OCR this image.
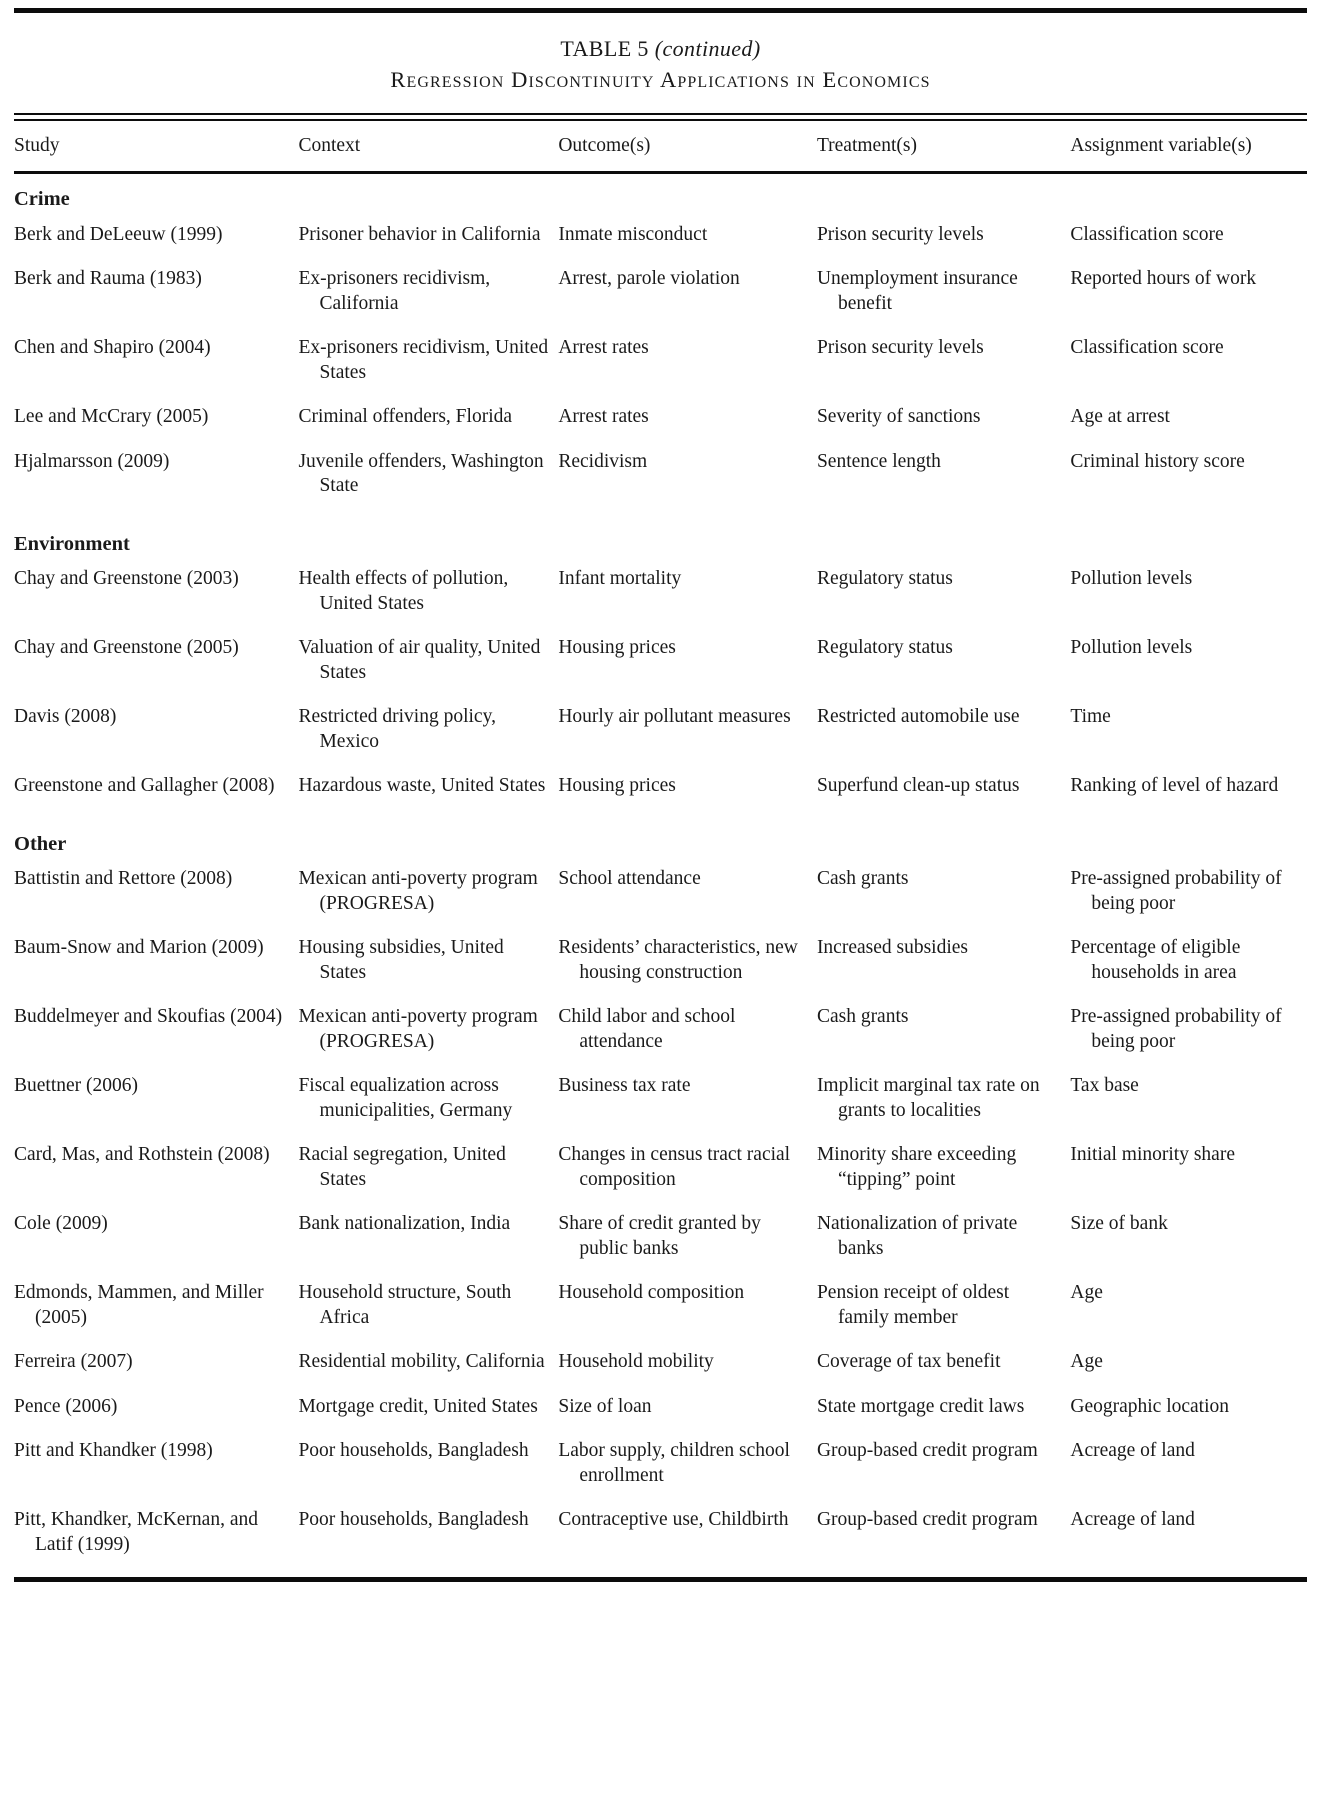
TABLE 5 (continued)
Regression Discontinuity Applications in Economics
Study	Context	Outcome(s)	Treatment(s)	Assignment variable(s)
Crime				

Berk and DeLeeuw (1999)	Prisoner behavior in California	Inmate misconduct	Prison security levels	Classification score

Berk and Rauma (1983)	Ex-prisoners recidivism, California	Arrest, parole violation	Unemployment insurance benefit	Reported hours of work

Chen and Shapiro (2004)	Ex-prisoners recidivism, United States	Arrest rates	Prison security levels	Classification score

Lee and McCrary (2005)	Criminal offenders, Florida	Arrest rates	Severity of sanctions	Age at arrest

Hjalmarsson (2009)	Juvenile offenders, Washington State	Recidivism	Sentence length	Criminal history score

Environment				

Chay and Greenstone (2003)	Health effects of pollution, United States	Infant mortality	Regulatory status	Pollution levels

Chay and Greenstone (2005)	Valuation of air quality, United States	Housing prices	Regulatory status	Pollution levels

Davis (2008)	Restricted driving policy, Mexico	Hourly air pollutant measures	Restricted automobile use	Time

Greenstone and Gallagher (2008)	Hazardous waste, United States	Housing prices	Superfund clean-up status	Ranking of level of hazard

Other				

Battistin and Rettore (2008)	Mexican anti-poverty program (PROGRESA)	School attendance	Cash grants	Pre-assigned probability of being poor

Baum-Snow and Marion (2009)	Housing subsidies, United States	Residents’ characteristics, new housing construction	Increased subsidies	Percentage of eligible households in area

Buddelmeyer and Skoufias (2004)	Mexican anti-poverty program (PROGRESA)	Child labor and school attendance	Cash grants	Pre-assigned probability of being poor

Buettner (2006)	Fiscal equalization across municipalities, Germany	Business tax rate	Implicit marginal tax rate on grants to localities	Tax base

Card, Mas, and Rothstein (2008)	Racial segregation, United States	Changes in census tract racial composition	Minority share exceeding “tipping” point	Initial minority share

Cole (2009)	Bank nationalization, India	Share of credit granted by public banks	Nationalization of private banks	Size of bank

Edmonds, Mammen, and Miller (2005)	Household structure, South Africa	Household composition	Pension receipt of oldest family member	Age

Ferreira (2007)	Residential mobility, California	Household mobility	Coverage of tax benefit	Age

Pence (2006)	Mortgage credit, United States	Size of loan	State mortgage credit laws	Geographic location

Pitt and Khandker (1998)	Poor households, Bangladesh	Labor supply, children school enrollment	Group-based credit program	Acreage of land

Pitt, Khandker, McKernan, and Latif (1999)	Poor households, Bangladesh	Contraceptive use, Childbirth	Group-based credit program	Acreage of land
